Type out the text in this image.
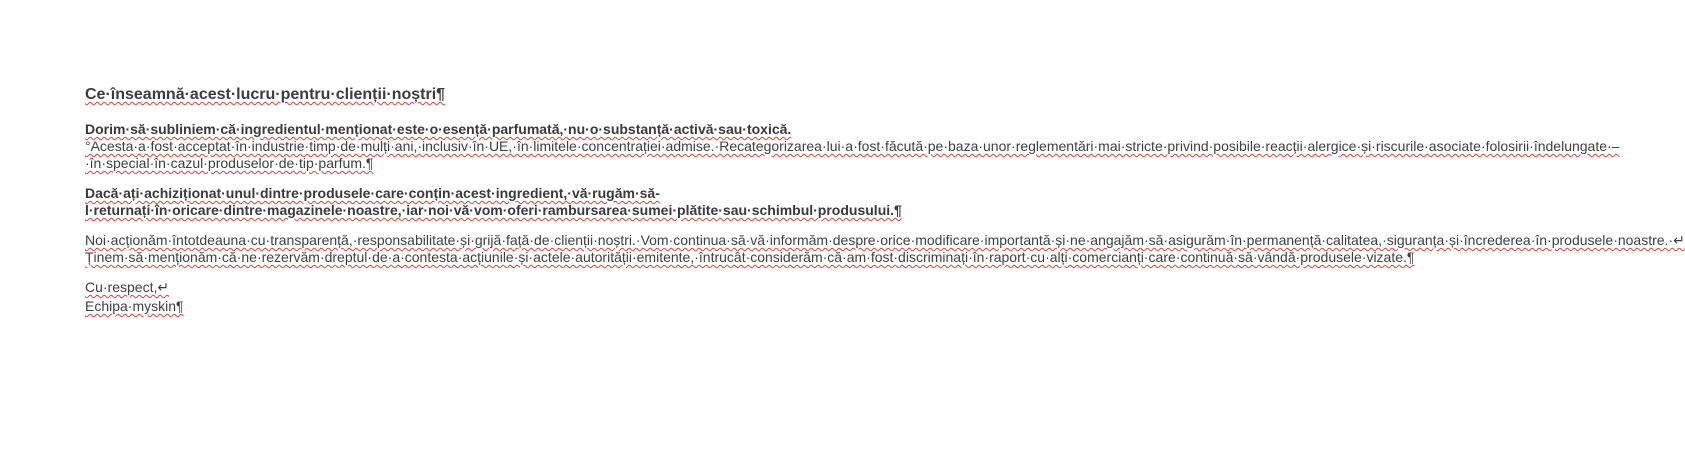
Ce·înseamnă·acest·lucru·pentru·clienții·noștri¶

Dorim·să·subliniem·că·ingredientul·menționat·este·o·esență·parfumată,·nu·o·substanță·activă·sau·toxică.°Acesta·a·fost·acceptat·în·industrie·timp·de·mulți·ani,·inclusiv·în·UE,·în·limitele·concentrației·admise.·Recategorizarea·lui·a·fost·făcută·pe·baza·unor·reglementări·mai·stricte·privind·posibile·reacții·alergice·și·riscurile·asociate·folosirii·îndelungate·–·în·special·în·cazul·produselor·de·tip·parfum.¶

Dacă·ați·achiziționat·unul·dintre·produsele·care·conțin·acest·ingredient,·vă·rugăm·să-l·returnați·în·oricare·dintre·magazinele·noastre,·iar·noi·vă·vom·oferi·rambursarea·sumei·plătite·sau·schimbul·produsului.¶

Noi·acționăm·întotdeauna·cu·transparență,·responsabilitate·și·grijă·față·de·clienții·noștri.·Vom·continua·să·vă·informăm·despre·orice·modificare·importantă·și·ne·angajăm·să·asigurăm·în·permanență·calitatea,·siguranța·și·încrederea·în·produsele·noastre.·↵
Ținem·să·menționăm·că·ne·rezervăm·dreptul·de·a·contesta·acțiunile·și·actele·autorității·emitente,·întrucât·considerăm·că·am·fost·discriminați·în·raport·cu·alți·comercianți·care·continuă·să·vândă·produsele·vizate.¶

Cu·respect,↵

Echipa·myskin¶
